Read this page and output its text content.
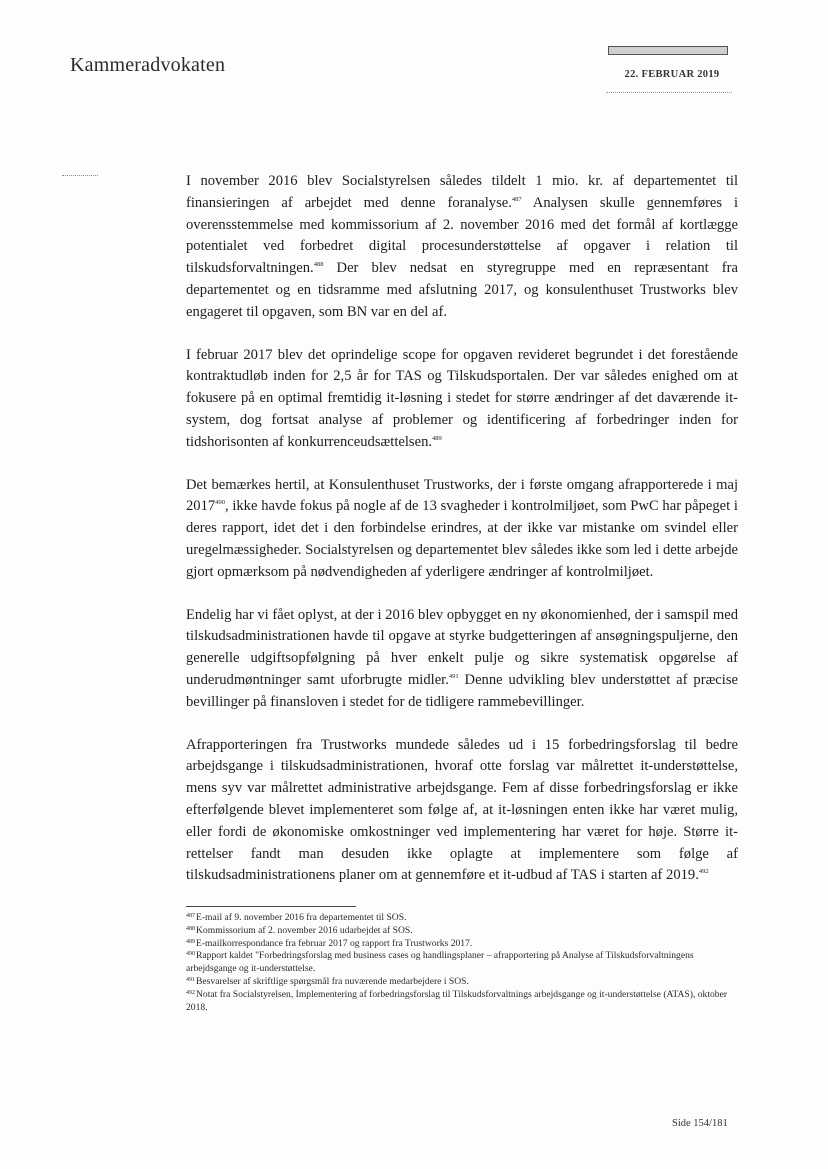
Kammeradvokaten	22. FEBRUAR 2019

I november 2016 blev Socialstyrelsen således tildelt 1 mio. kr. af departementet til finansieringen af arbejdet med denne foranalyse.$^{487}$ Analysen skulle gennemføres i overensstemmelse med kommissorium af 2. november 2016 med det formål af kortlægge potentialet ved forbedret digital procesunderstøttelse af opgaver i relation til tilskudsforvaltningen.$^{488}$ Der blev nedsat en styregruppe med en repræsentant fra departementet og en tidsramme med afslutning 2017, og konsulenthuset Trustworks blev engageret til opgaven, som BN var en del af.

I februar 2017 blev det oprindelige scope for opgaven revideret begrundet i det forestående kontraktudløb inden for 2,5 år for TAS og Tilskudsportalen. Der var således enighed om at fokusere på en optimal fremtidig it-løsning i stedet for større ændringer af det daværende it-system, dog fortsat analyse af problemer og identificering af forbedringer inden for tidshorisonten af konkurrenceudsættelsen.$^{489}$

Det bemærkes hertil, at Konsulenthuset Trustworks, der i første omgang afrapporterede i maj 2017$^{490}$, ikke havde fokus på nogle af de 13 svagheder i kontrolmiljøet, som PwC har påpeget i deres rapport, idet det i den forbindelse erindres, at der ikke var mistanke om svindel eller uregelmæssigheder. Socialstyrelsen og departementet blev således ikke som led i dette arbejde gjort opmærksom på nødvendigheden af yderligere ændringer af kontrolmiljøet.

Endelig har vi fået oplyst, at der i 2016 blev opbygget en ny økonomienhed, der i samspil med tilskudsadministrationen havde til opgave at styrke budgetteringen af ansøgningspuljerne, den generelle udgiftsopfølgning på hver enkelt pulje og sikre systematisk opgørelse af underudmøntninger samt uforbrugte midler.$^{491}$ Denne udvikling blev understøttet af præcise bevillinger på finansloven i stedet for de tidligere rammebevillinger.

Afrapporteringen fra Trustworks mundede således ud i 15 forbedringsforslag til bedre arbejdsgange i tilskudsadministrationen, hvoraf otte forslag var målrettet it-understøttelse, mens syv var målrettet administrative arbejdsgange. Fem af disse forbedringsforslag er ikke efterfølgende blevet implementeret som følge af, at it-løsningen enten ikke har været mulig, eller fordi de økonomiske omkostninger ved implementering har været for høje. Større it-rettelser fandt man desuden ikke oplagte at implementere som følge af tilskudsadministrationens planer om at gennemføre et it-udbud af TAS i starten af 2019.$^{492}$

$^{487}$E-mail af 9. november 2016 fra departementet til SOS.

$^{488}$Kommissorium af 2. november 2016 udarbejdet af SOS.

$^{489}$E-mailkorrespondance fra februar 2017 og rapport fra Trustworks 2017.

$^{490}$Rapport kaldet "Forbedringsforslag med business cases og handlingsplaner – afrapportering på Analyse af Tilskudsforvaltningens arbejdsgange og it-understøttelse.

$^{491}$Besvarelser af skriftlige spørgsmål fra nuværende medarbejdere i SOS.

$^{492}$Notat fra Socialstyrelsen, Implementering af forbedringsforslag til Tilskudsforvaltnings arbejdsgange og it-understøttelse (ATAS), oktober 2018.

Side 154/181
